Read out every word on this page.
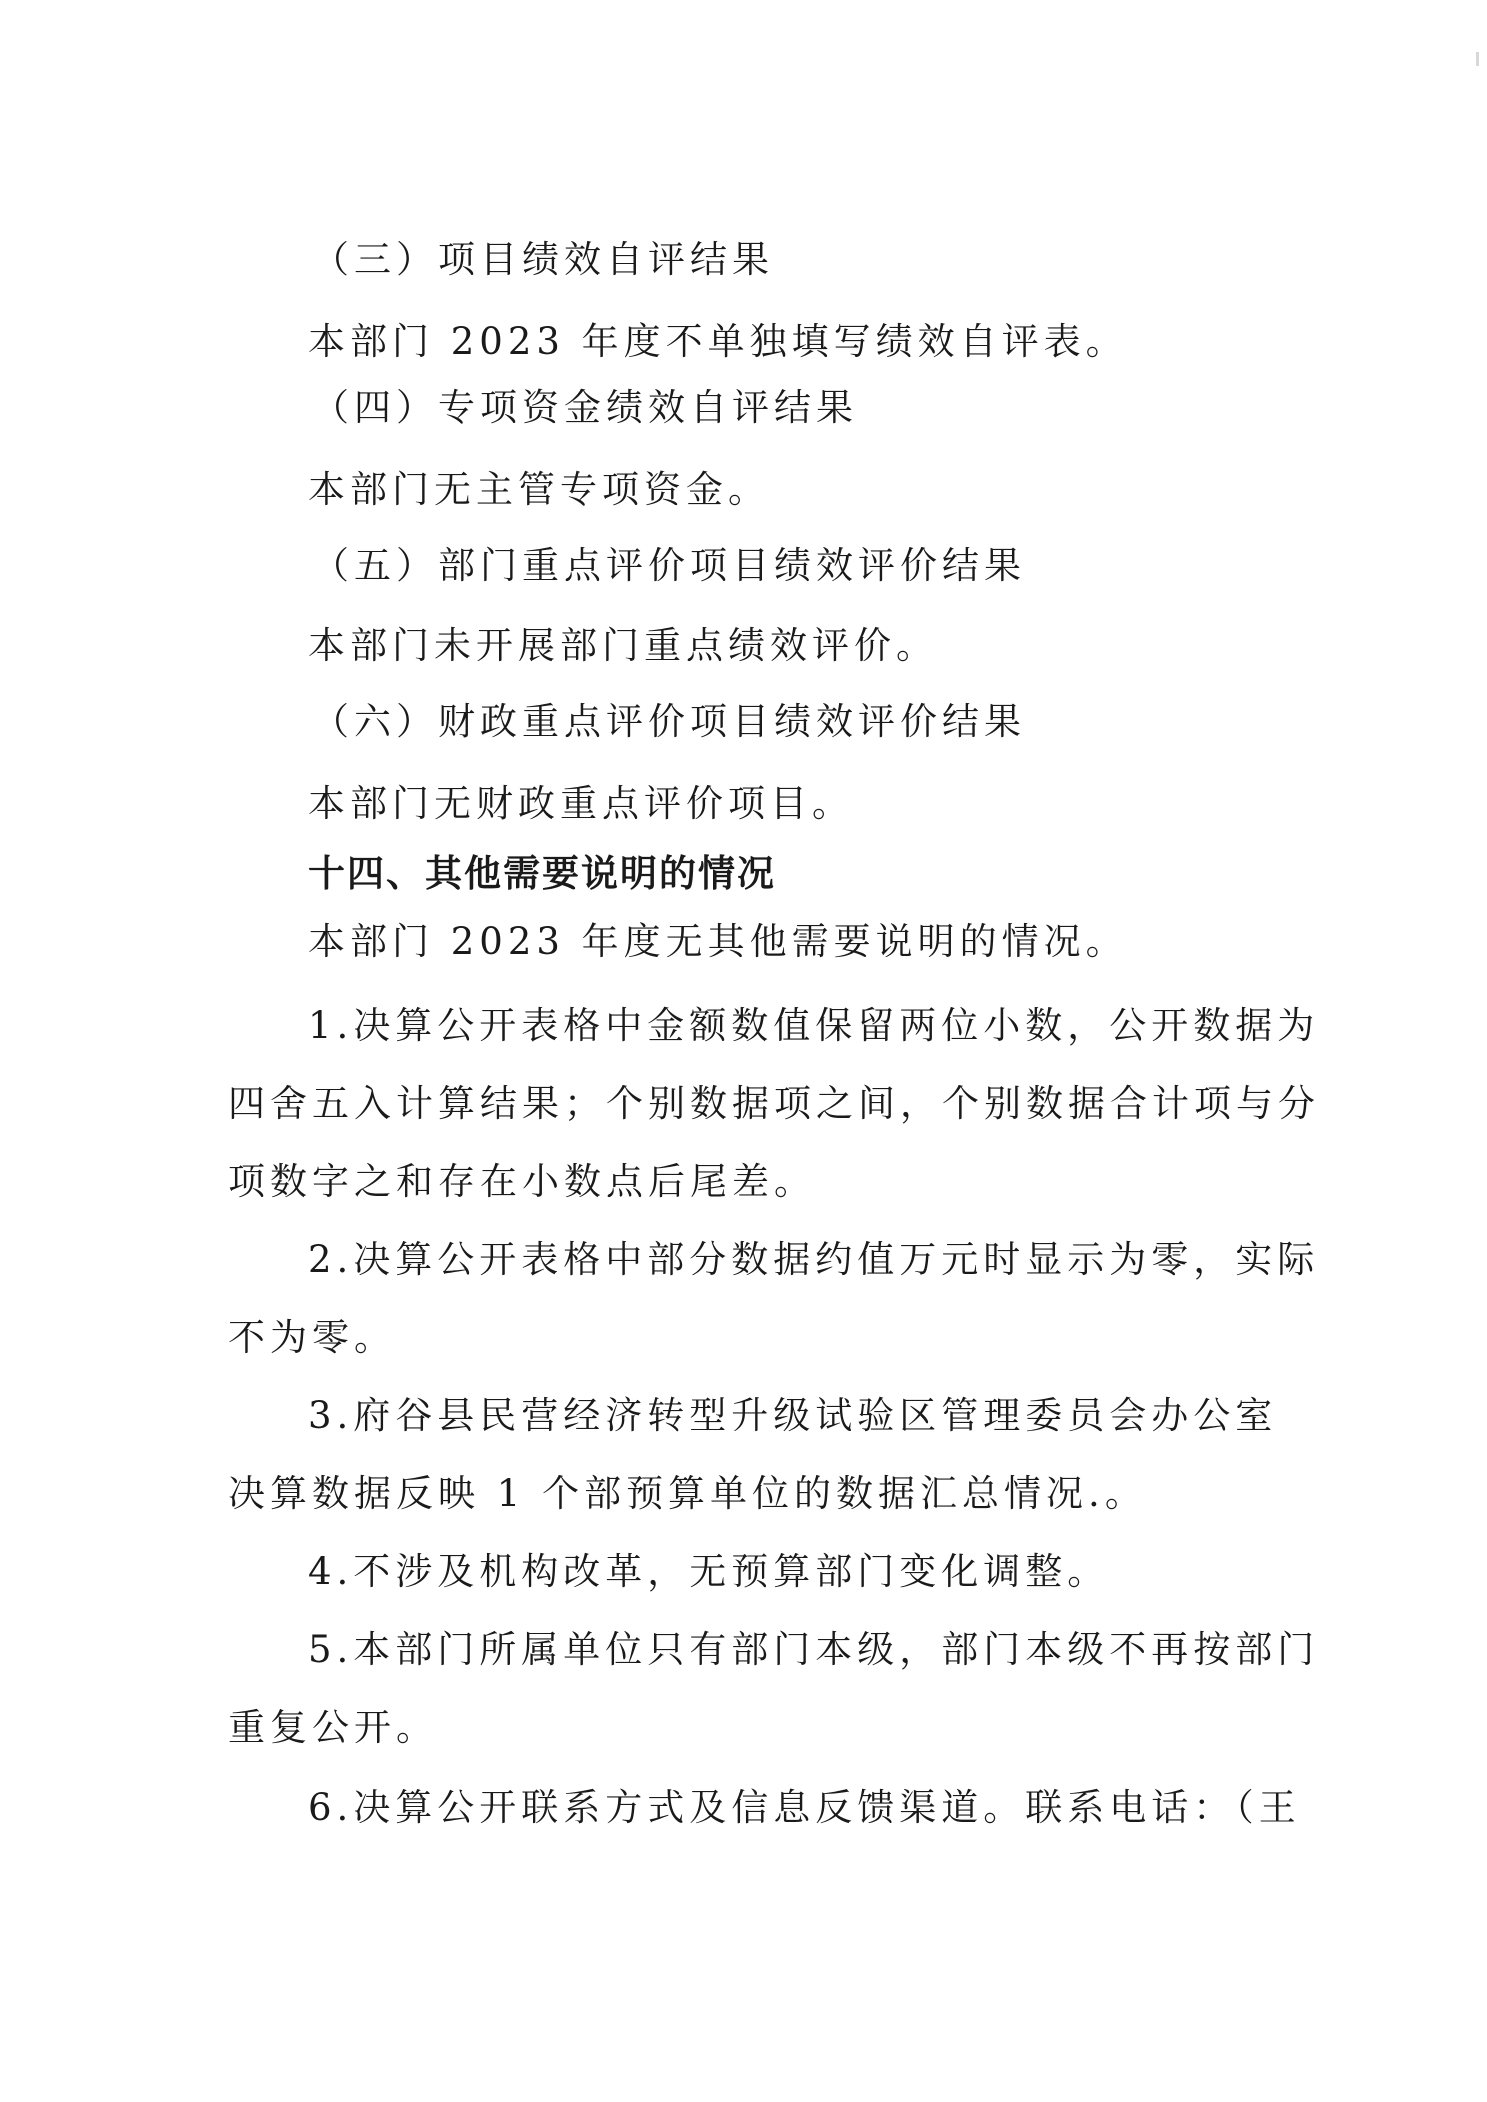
（三）项目绩效自评结果
本部门 2023 年度不单独填写绩效自评表。
（四）专项资金绩效自评结果
本部门无主管专项资金。
（五）部门重点评价项目绩效评价结果
本部门未开展部门重点绩效评价。
（六）财政重点评价项目绩效评价结果
本部门无财政重点评价项目。
十四、其他需要说明的情况
本部门 2023 年度无其他需要说明的情况。
1.决算公开表格中金额数值保留两位小数，公开数据为
四舍五入计算结果；个别数据项之间，个别数据合计项与分
项数字之和存在小数点后尾差。
2.决算公开表格中部分数据约值万元时显示为零，实际
不为零。
3.府谷县民营经济转型升级试验区管理委员会办公室
决算数据反映 1 个部预算单位的数据汇总情况.。
4.不涉及机构改革，无预算部门变化调整。
5.本部门所属单位只有部门本级，部门本级不再按部门
重复公开。
6.决算公开联系方式及信息反馈渠道。联系电话：（王
